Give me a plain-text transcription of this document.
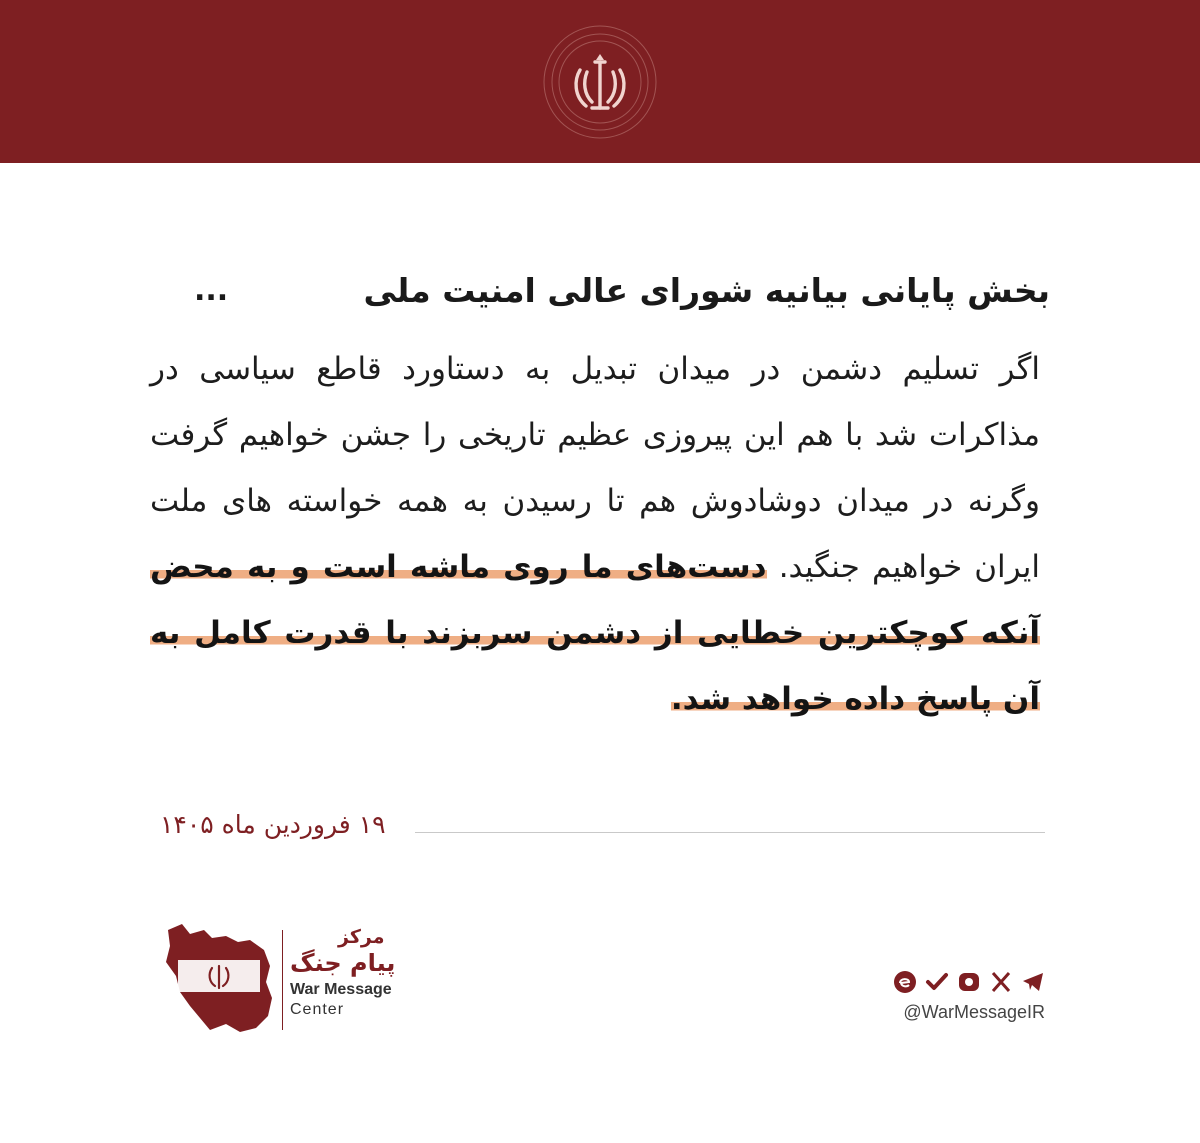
بخش پایانی بیانیه شورای عالی امنیت ملی
...

اگر تسلیم دشمن در میدان تبدیل به دستاورد قاطع سیاسی در مذاکرات شد با هم این پیروزی عظیم تاریخی را جشن خواهیم گرفت وگرنه در میدان دوشادوش هم تا رسیدن به همه خواسته های ملت ایران خواهیم جنگید. دست‌های ما روی ماشه است و به محض آنکه کوچکترین خطایی از دشمن سربزند با قدرت کامل به آن پاسخ داده خواهد شد.

۱۹ فروردین ماه ۱۴۰۵
مرکز
پیام جنگ
War Message
Center	@WarMessageIR
